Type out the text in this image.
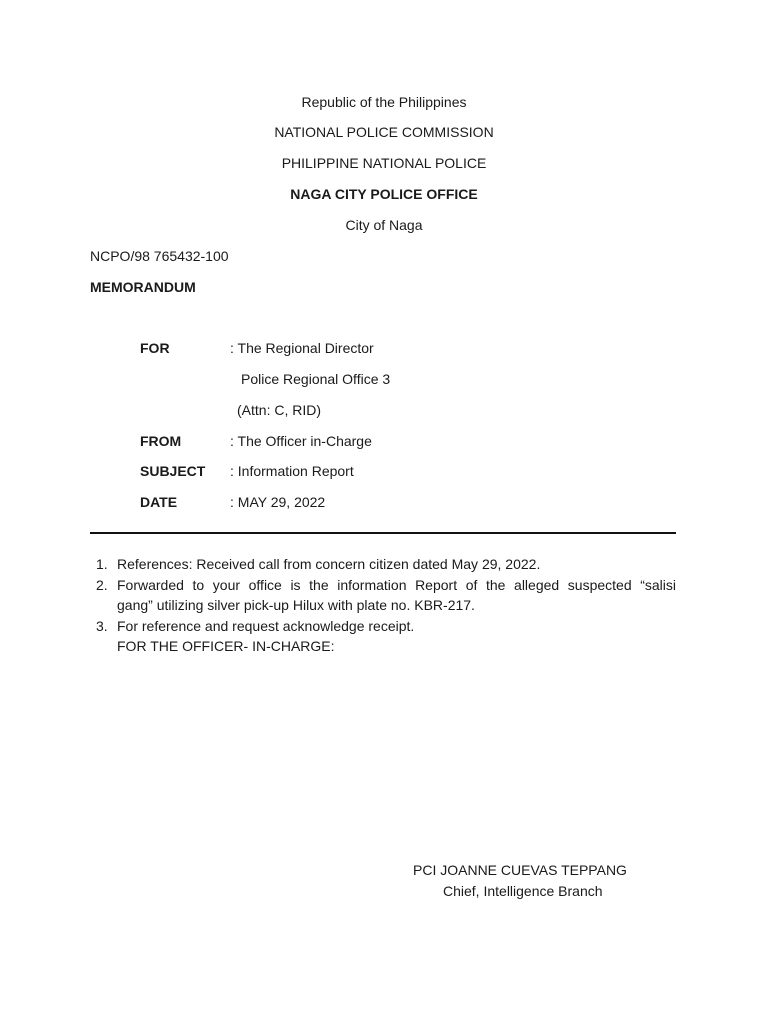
Republic of the Philippines
NATIONAL POLICE COMMISSION
PHILIPPINE NATIONAL POLICE
NAGA CITY POLICE OFFICE
City of Naga
NCPO/98 765432-100
MEMORANDUM
FOR	: The Regional Director
Police Regional Office 3
(Attn: C, RID)
FROM	: The Officer in-Charge
SUBJECT : Information Report
DATE	: MAY 29, 2022
1. References: Received call from concern citizen dated May 29, 2022.
2. Forwarded to your office is the information Report of the alleged suspected “salisi
gang” utilizing silver pick-up Hilux with plate no. KBR-217.
3. For reference and request acknowledge receipt.
FOR THE OFFICER- IN-CHARGE:
PCI JOANNE CUEVAS TEPPANG
Chief, Intelligence Branch
